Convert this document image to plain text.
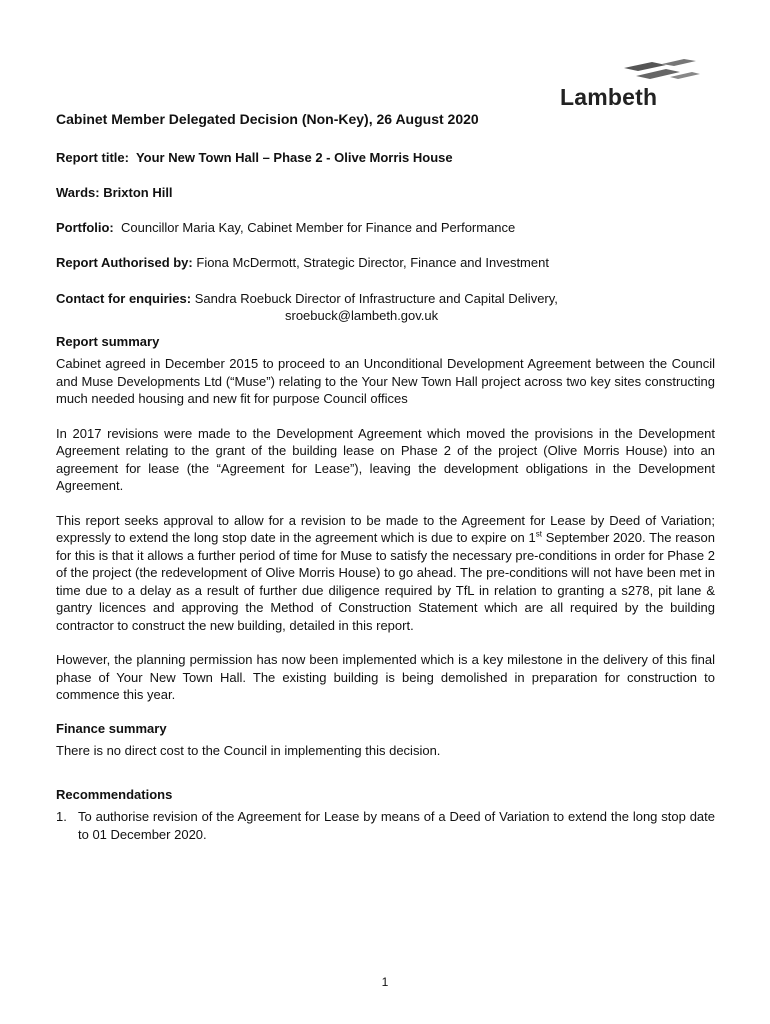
Lambeth
Cabinet Member Delegated Decision (Non-Key), 26 August 2020
Report title: Your New Town Hall – Phase 2 - Olive Morris House
Wards: Brixton Hill
Portfolio: Councillor Maria Kay, Cabinet Member for Finance and Performance
Report Authorised by: Fiona McDermott, Strategic Director, Finance and Investment
Contact for enquiries: Sandra Roebuck Director of Infrastructure and Capital Delivery,
sroebuck@lambeth.gov.uk
Report summary

Cabinet agreed in December 2015 to proceed to an Unconditional Development Agreement between the Council and Muse Developments Ltd (“Muse”) relating to the Your New Town Hall project across two key sites constructing much needed housing and new fit for purpose Council offices

In 2017 revisions were made to the Development Agreement which moved the provisions in the Development Agreement relating to the grant of the building lease on Phase 2 of the project (Olive Morris House) into an agreement for lease (the “Agreement for Lease”), leaving the development obligations in the Development Agreement.

This report seeks approval to allow for a revision to be made to the Agreement for Lease by Deed of Variation; expressly to extend the long stop date in the agreement which is due to expire on 1st September 2020. The reason for this is that it allows a further period of time for Muse to satisfy the necessary pre-conditions in order for Phase 2 of the project (the redevelopment of Olive Morris House) to go ahead. The pre-conditions will not have been met in time due to a delay as a result of further due diligence required by TfL in relation to granting a s278, pit lane & gantry licences and approving the Method of Construction Statement which are all required by the building contractor to construct the new building, detailed in this report.

However, the planning permission has now been implemented which is a key milestone in the delivery of this final phase of Your New Town Hall. The existing building is being demolished in preparation for construction to commence this year.

Finance summary

There is no direct cost to the Council in implementing this decision.

Recommendations
1. To authorise revision of the Agreement for Lease by means of a Deed of Variation to extend the long stop date to 01 December 2020.
1
